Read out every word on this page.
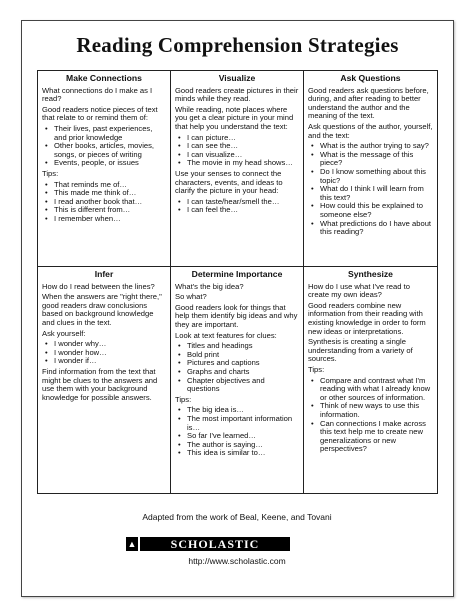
Reading Comprehension Strategies
Make Connections
What connections do I make as I read?
Good readers notice pieces of text that relate to or remind them of:
• Their lives, past experiences, and prior knowledge
• Other books, articles, movies, songs, or pieces of writing
• Events, people, or issues
Tips:
• That reminds me of…
• This made me think of…
• I read another book that…
• This is different from…
• I remember when…
Visualize
Good readers create pictures in their minds while they read.
While reading, note places where you get a clear picture in your mind that help you understand the text:
• I can picture…
• I can see the…
• I can visualize…
• The movie in my head shows…
Use your senses to connect the characters, events, and ideas to clarify the picture in your head:
• I can taste/hear/smell the…
• I can feel the…
Ask Questions
Good readers ask questions before, during, and after reading to better understand the author and the meaning of the text.
Ask questions of the author, yourself, and the text:
• What is the author trying to say?
• What is the message of this piece?
• Do I know something about this topic?
• What do I think I will learn from this text?
• How could this be explained to someone else?
• What predictions do I have about this reading?
Infer
How do I read between the lines?
When the answers are "right there," good readers draw conclusions based on background knowledge and clues in the text.
Ask yourself:
• I wonder why…
• I wonder how…
• I wonder if…
Find information from the text that might be clues to the answers and use them with your background knowledge for possible answers.
Determine Importance
What's the big idea?
So what?
Good readers look for things that help them identify big ideas and why they are important.
Look at text features for clues:
• Titles and headings
• Bold print
• Pictures and captions
• Graphs and charts
• Chapter objectives and questions
Tips:
• The big idea is…
• The most important information is…
• So far I've learned…
• The author is saying…
• This idea is similar to…
Synthesize
How do I use what I've read to create my own ideas?
Good readers combine new information from their reading with existing knowledge in order to form new ideas or interpretations.
Synthesis is creating a single understanding from a variety of sources.
Tips:
• Compare and contrast what I'm reading with what I already know or other sources of information.
• Think of new ways to use this information.
• Can connections I make across this text help me to create new generalizations or new perspectives?
Adapted from the work of Beal, Keene, and Tovani
▲	SCHOLASTIC
http://www.scholastic.com
